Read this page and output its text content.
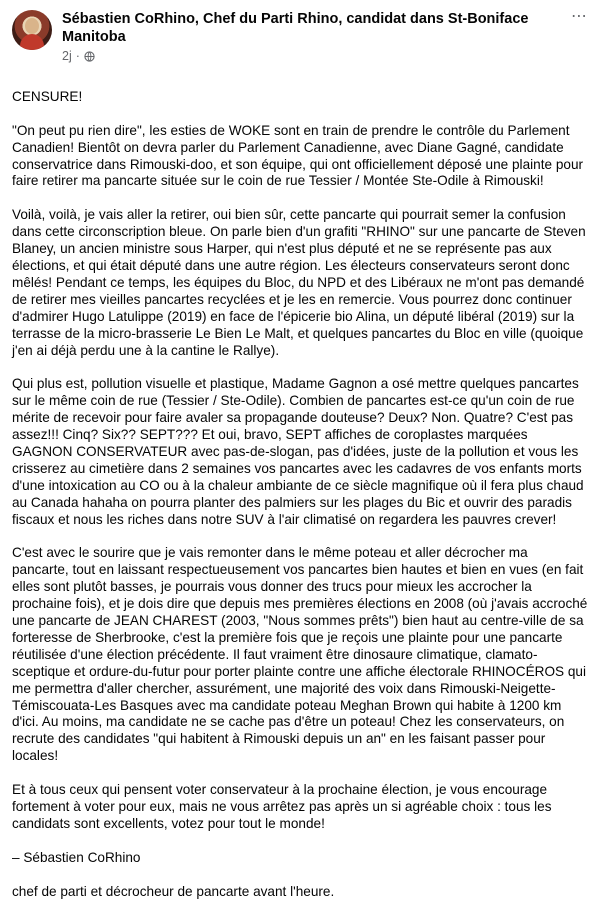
Sébastien CoRhino, Chef du Parti Rhino, candidat dans St-Boniface Manitoba
2j ·
⋯

CENSURE!

"On peut pu rien dire", les esties de WOKE sont en train de prendre le contrôle du Parlement Canadien! Bientôt on devra parler du Parlement Canadienne, avec Diane Gagné, candidate conservatrice dans Rimouski-doo, et son équipe, qui ont officiellement déposé une plainte pour faire retirer ma pancarte située sur le coin de rue Tessier / Montée Ste-Odile à Rimouski!

Voilà, voilà, je vais aller la retirer, oui bien sûr, cette pancarte qui pourrait semer la confusion dans cette circonscription bleue. On parle bien d'un grafiti "RHINO" sur une pancarte de Steven Blaney, un ancien ministre sous Harper, qui n'est plus député et ne se représente pas aux élections, et qui était député dans une autre région. Les électeurs conservateurs seront donc mêlés! Pendant ce temps, les équipes du Bloc, du NPD et des Libéraux ne m'ont pas demandé de retirer mes vieilles pancartes recyclées et je les en remercie. Vous pourrez donc continuer d'admirer Hugo Latulippe (2019) en face de l'épicerie bio Alina, un député libéral (2019) sur la terrasse de la micro-brasserie Le Bien Le Malt, et quelques pancartes du Bloc en ville (quoique j'en ai déjà perdu une à la cantine le Rallye).

Qui plus est, pollution visuelle et plastique, Madame Gagnon a osé mettre quelques pancartes sur le même coin de rue (Tessier / Ste-Odile). Combien de pancartes est-ce qu'un coin de rue mérite de recevoir pour faire avaler sa propagande douteuse? Deux? Non. Quatre? C'est pas assez!!! Cinq? Six?? SEPT??? Et oui, bravo, SEPT affiches de coroplastes marquées GAGNON CONSERVATEUR avec pas-de-slogan, pas d'idées, juste de la pollution et vous les crisserez au cimetière dans 2 semaines vos pancartes avec les cadavres de vos enfants morts d'une intoxication au CO ou à la chaleur ambiante de ce siècle magnifique où il fera plus chaud au Canada hahaha on pourra planter des palmiers sur les plages du Bic et ouvrir des paradis fiscaux et nous les riches dans notre SUV à l'air climatisé on regardera les pauvres crever!

C'est avec le sourire que je vais remonter dans le même poteau et aller décrocher ma pancarte, tout en laissant respectueusement vos pancartes bien hautes et bien en vues (en fait elles sont plutôt basses, je pourrais vous donner des trucs pour mieux les accrocher la prochaine fois), et je dois dire que depuis mes premières élections en 2008 (où j'avais accroché une pancarte de JEAN CHAREST (2003, "Nous sommes prêts") bien haut au centre-ville de sa forteresse de Sherbrooke, c'est la première fois que je reçois une plainte pour une pancarte réutilisée d'une élection précédente. Il faut vraiment être dinosaure climatique, clamato-sceptique et ordure-du-futur pour porter plainte contre une affiche électorale RHINOCÉROS qui me permettra d'aller chercher, assurément, une majorité des voix dans Rimouski-Neigette-Témiscouata-Les Basques avec ma candidate poteau Meghan Brown qui habite à 1200 km d'ici. Au moins, ma candidate ne se cache pas d'être un poteau! Chez les conservateurs, on recrute des candidates "qui habitent à Rimouski depuis un an" en les faisant passer pour locales!

Et à tous ceux qui pensent voter conservateur à la prochaine élection, je vous encourage fortement à voter pour eux, mais ne vous arrêtez pas après un si agréable choix : tous les candidats sont excellents, votez pour tout le monde!

– Sébastien CoRhino

chef de parti et décrocheur de pancarte avant l'heure.
